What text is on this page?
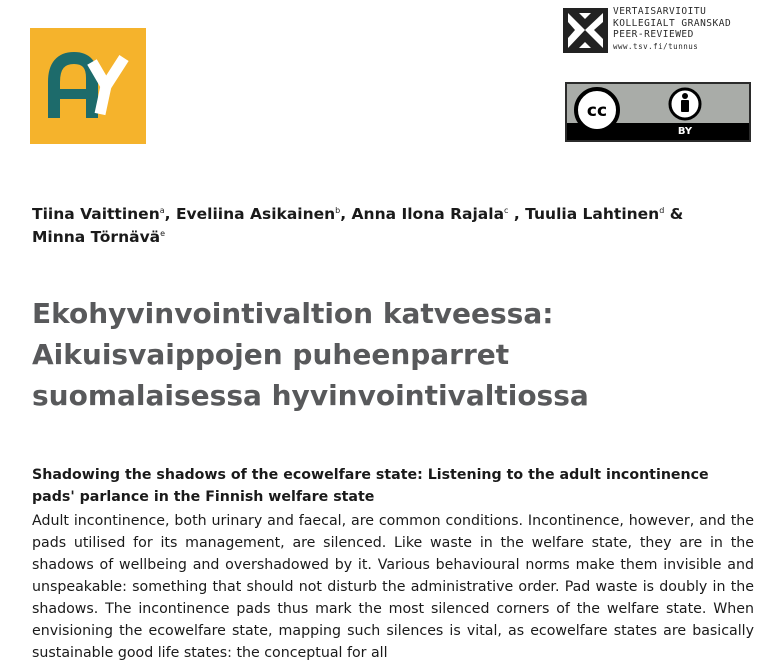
VERTAISARVIOITU
KOLLEGIALT GRANSKAD
PEER-REVIEWED
www.tsv.fi/tunnus
cc
BY
Tiina Vaittinen$^a$, Eveliina Asikainen$^b$, Anna Ilona Rajala$^c$ , Tuulia Lahtinen$^d$ &
Minna Törnävä$^e$
Ekohyvinvointivaltion katveessa:
Aikuisvaippojen puheenparret
suomalaisessa hyvinvointivaltiossa
Shadowing the shadows of the ecowelfare state: Listening to the adult incontinence pads' parlance in the Finnish welfare state
Adult incontinence, both urinary and faecal, are common conditions. Incontinence, however, and the pads utilised for its management, are silenced. Like waste in the welfare state, they are in the shadows of wellbeing and overshadowed by it. Various behavioural norms make them invisible and unspeakable: something that should not disturb the administrative order. Pad waste is doubly in the shadows. The incontinence pads thus mark the most silenced corners of the welfare state. When envisioning the ecowelfare state, mapping such silences is vital, as ecowelfare states are basically sustainable good life states: the conceptual for all
